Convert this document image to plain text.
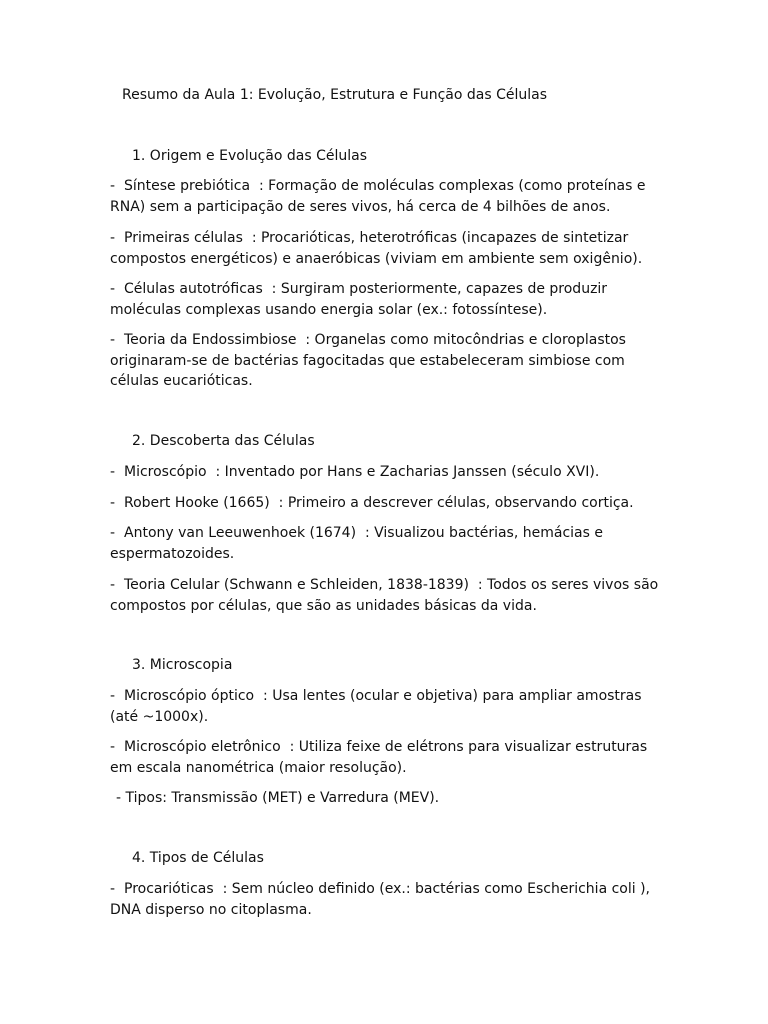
Resumo da Aula 1: Evolução, Estrutura e Função das Células
1. Origem e Evolução das Células
- Síntese prebiótica : Formação de moléculas complexas (como proteínas e RNA) sem a participação de seres vivos, há cerca de 4 bilhões de anos.
- Primeiras células : Procarióticas, heterotróficas (incapazes de sintetizar compostos energéticos) e anaeróbicas (viviam em ambiente sem oxigênio).
- Células autotróficas : Surgiram posteriormente, capazes de produzir moléculas complexas usando energia solar (ex.: fotossíntese).
- Teoria da Endossimbiose : Organelas como mitocôndrias e cloroplastos originaram-se de bactérias fagocitadas que estabeleceram simbiose com células eucarióticas.
2. Descoberta das Células
- Microscópio : Inventado por Hans e Zacharias Janssen (século XVI).
- Robert Hooke (1665) : Primeiro a descrever células, observando cortiça.
- Antony van Leeuwenhoek (1674) : Visualizou bactérias, hemácias e espermatozoides.
- Teoria Celular (Schwann e Schleiden, 1838-1839) : Todos os seres vivos são compostos por células, que são as unidades básicas da vida.
3. Microscopia
- Microscópio óptico : Usa lentes (ocular e objetiva) para ampliar amostras (até ~1000x).
- Microscópio eletrônico : Utiliza feixe de elétrons para visualizar estruturas em escala nanométrica (maior resolução).
- Tipos: Transmissão (MET) e Varredura (MEV).
4. Tipos de Células
- Procarióticas : Sem núcleo definido (ex.: bactérias como Escherichia coli ), DNA disperso no citoplasma.
